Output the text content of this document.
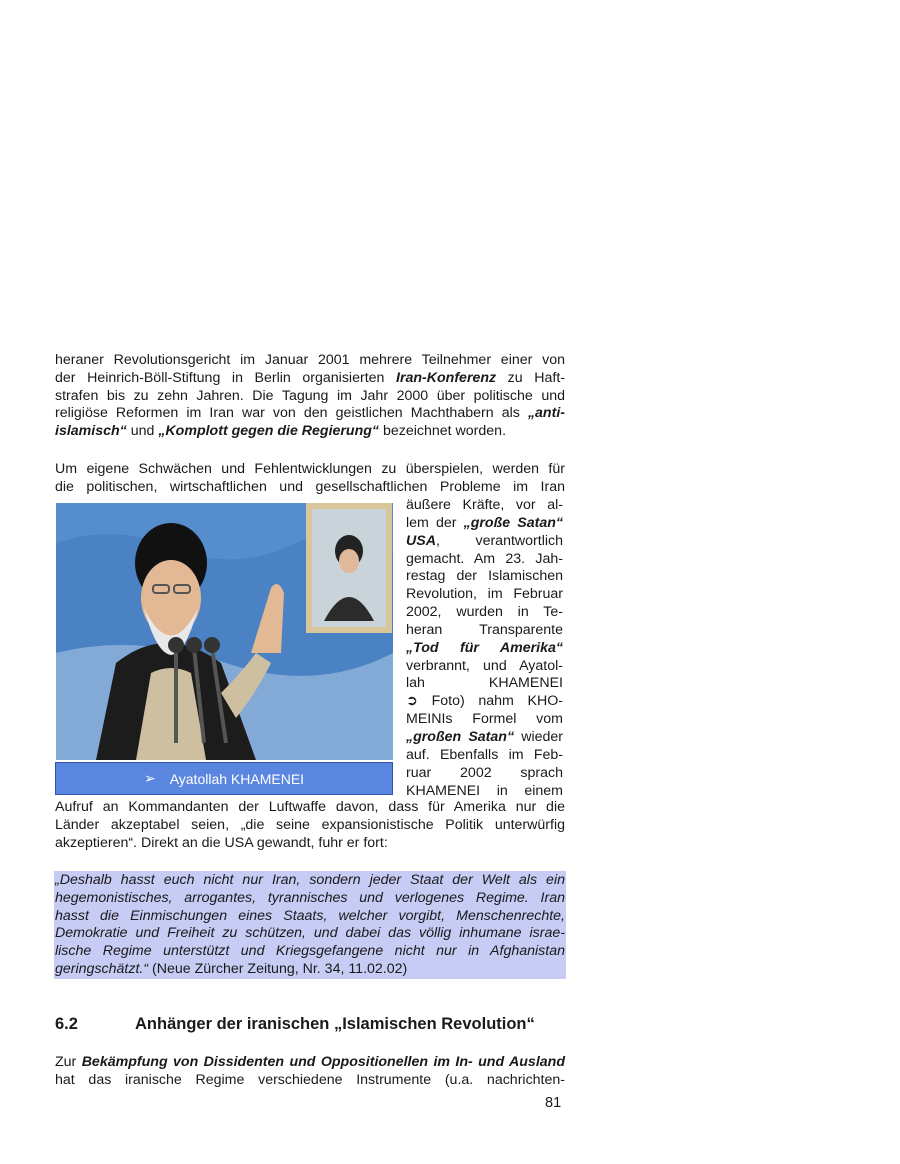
heraner Revolutionsgericht im Januar 2001 mehrere Teilnehmer einer von
der Heinrich-Böll-Stiftung in Berlin organisierten Iran-Konferenz zu Haft-
strafen bis zu zehn Jahren. Die Tagung im Jahr 2000 über politische und
religiöse Reformen im Iran war von den geistlichen Machthabern als „anti-
islamisch“ und „Komplott gegen die Regierung“ bezeichnet worden.
Um eigene Schwächen und Fehlentwicklungen zu überspielen, werden für
die politischen, wirtschaftlichen und gesellschaftlichen Probleme im Iran
➢ Ayatollah KHAMENEI
äußere Kräfte, vor al-
lem der „große Satan“
USA, verantwortlich
gemacht. Am 23. Jah-
restag der Islamischen
Revolution, im Februar
2002, wurden in Te-
heran Transparente
„Tod für Amerika“
verbrannt, und Ayatol-
lah KHAMENEI
➲ Foto) nahm KHO-
MEINIs Formel vom
„großen Satan“ wieder
auf. Ebenfalls im Feb-
ruar 2002 sprach
KHAMENEI in einem
Aufruf an Kommandanten der Luftwaffe davon, dass für Amerika nur die
Länder akzeptabel seien, „die seine expansionistische Politik unterwürfig
akzeptieren“. Direkt an die USA gewandt, fuhr er fort:
„Deshalb hasst euch nicht nur Iran, sondern jeder Staat der Welt als ein
hegemonistisches, arrogantes, tyrannisches und verlogenes Regime. Iran
hasst die Einmischungen eines Staats, welcher vorgibt, Menschenrechte,
Demokratie und Freiheit zu schützen, und dabei das völlig inhumane israe-
lische Regime unterstützt und Kriegsgefangene nicht nur in Afghanistan
geringschätzt.“ (Neue Zürcher Zeitung, Nr. 34, 11.02.02)
6.2	Anhänger der iranischen „Islamischen Revolution“
Zur Bekämpfung von Dissidenten und Oppositionellen im In- und Ausland
hat das iranische Regime verschiedene Instrumente (u.a. nachrichten-
81
